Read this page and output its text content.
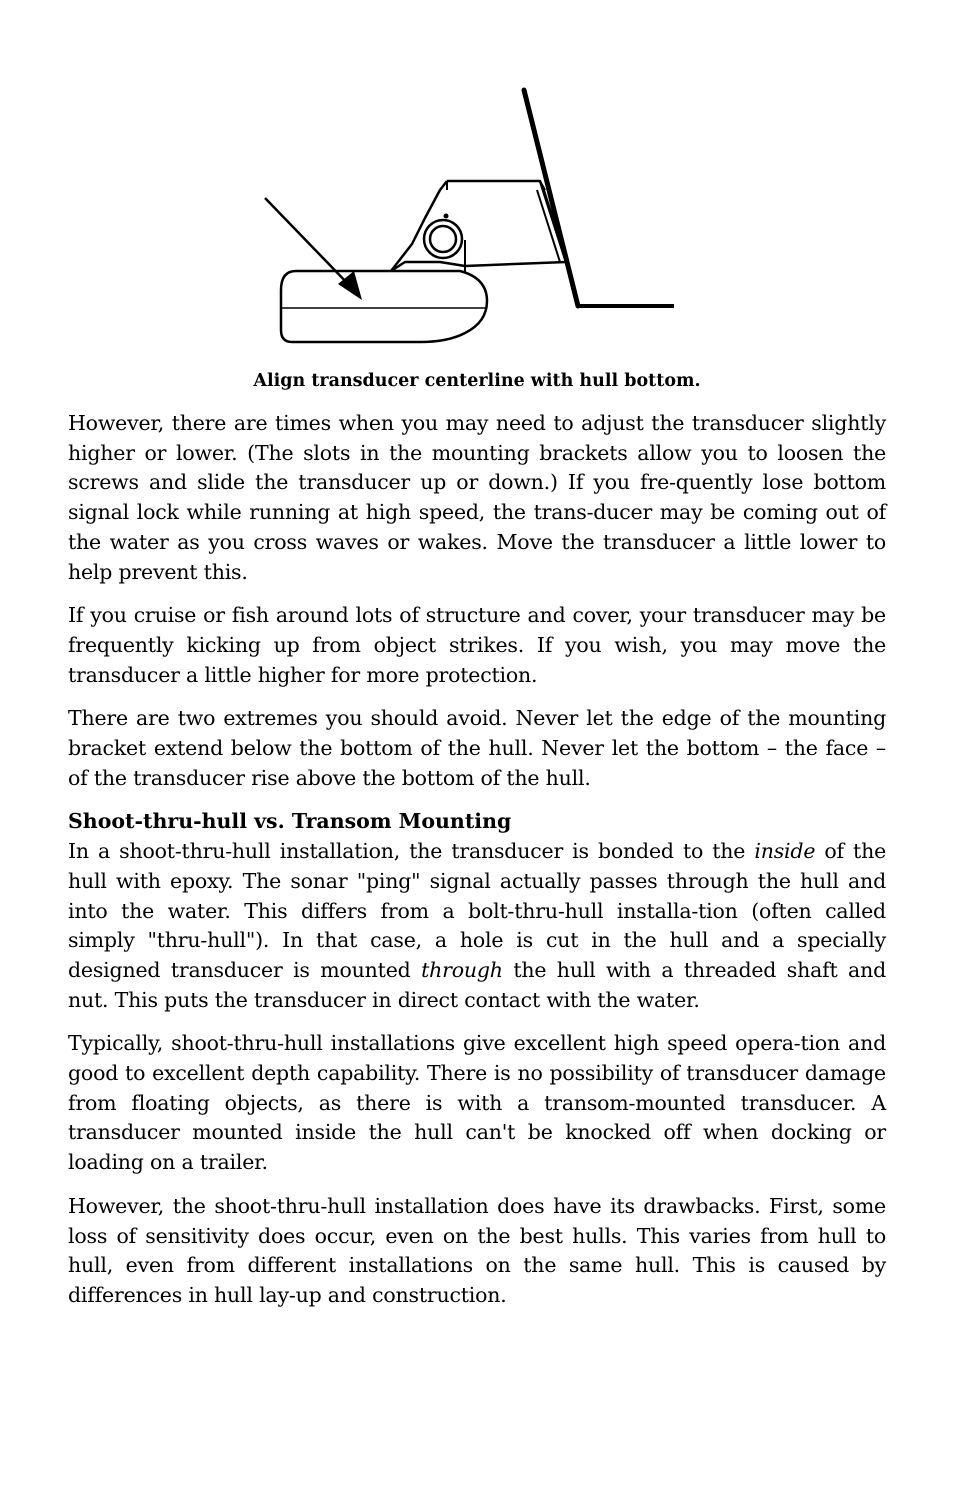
Align transducer centerline with hull bottom.

However, there are times when you may need to adjust the transducer slightly higher or lower. (The slots in the mounting brackets allow you to loosen the screws and slide the transducer up or down.) If you fre-quently lose bottom signal lock while running at high speed, the trans-ducer may be coming out of the water as you cross waves or wakes. Move the transducer a little lower to help prevent this.

If you cruise or fish around lots of structure and cover, your transducer may be frequently kicking up from object strikes. If you wish, you may move the transducer a little higher for more protection.

There are two extremes you should avoid. Never let the edge of the mounting bracket extend below the bottom of the hull. Never let the bottom – the face – of the transducer rise above the bottom of the hull.

Shoot-thru-hull vs. Transom Mounting

In a shoot-thru-hull installation, the transducer is bonded to the inside of the hull with epoxy. The sonar "ping" signal actually passes through the hull and into the water. This differs from a bolt-thru-hull installa-tion (often called simply "thru-hull"). In that case, a hole is cut in the hull and a specially designed transducer is mounted through the hull with a threaded shaft and nut. This puts the transducer in direct contact with the water.

Typically, shoot-thru-hull installations give excellent high speed opera-tion and good to excellent depth capability. There is no possibility of transducer damage from floating objects, as there is with a transom-mounted transducer. A transducer mounted inside the hull can't be knocked off when docking or loading on a trailer.

However, the shoot-thru-hull installation does have its drawbacks. First, some loss of sensitivity does occur, even on the best hulls. This varies from hull to hull, even from different installations on the same hull. This is caused by differences in hull lay-up and construction.
